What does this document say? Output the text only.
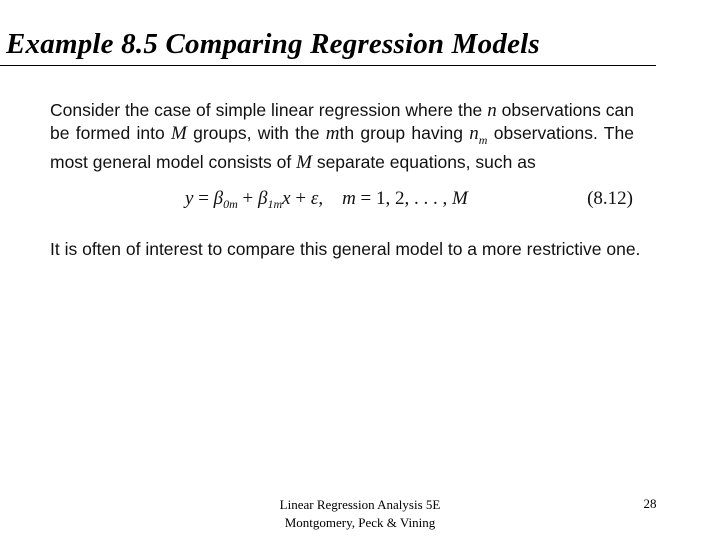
Example 8.5 Comparing Regression Models
Consider the case of simple linear regression where the n observations can
be formed into M groups, with the mth group having $n_m$ observations. The
most general model consists of M separate equations, such as
$y = \beta_{0m} + \beta_{1m}x + \varepsilon$, m = 1, 2, . . . , M	(8.12)
It is often of interest to compare this general model to a more restrictive one.
Linear Regression Analysis 5E
Montgomery, Peck & Vining
28
